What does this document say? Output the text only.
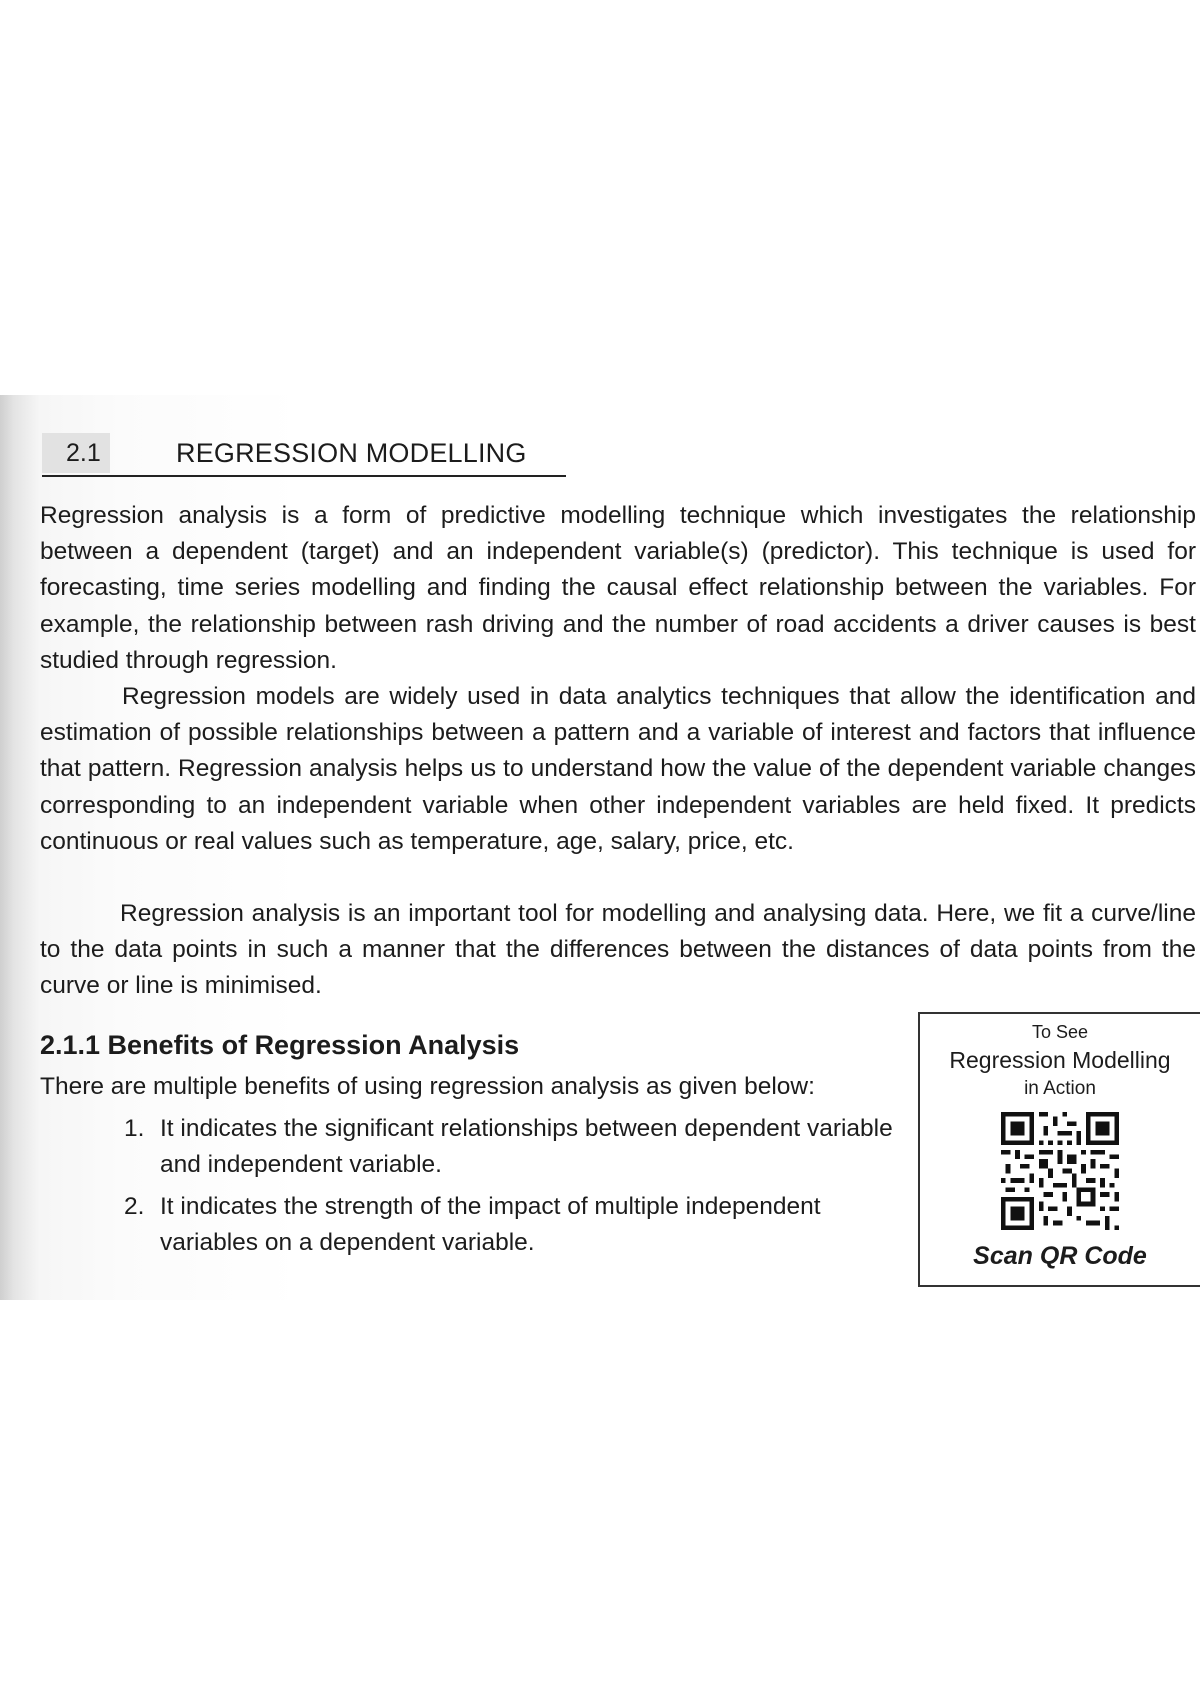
2.1	REGRESSION MODELLING

Regression analysis is a form of predictive modelling technique which investigates the relationship between a dependent (target) and an independent variable(s) (predictor). This technique is used for forecasting, time series modelling and finding the causal effect relationship between the variables. For example, the relationship between rash driving and the number of road accidents a driver causes is best studied through regression.

Regression models are widely used in data analytics techniques that allow the identification and estimation of possible relationships between a pattern and a variable of interest and factors that influence that pattern. Regression analysis helps us to understand how the value of the dependent variable changes corresponding to an independent variable when other independent variables are held fixed. It predicts continuous or real values such as temperature, age, salary, price, etc.

Regression analysis is an important tool for modelling and analysing data. Here, we fit a curve/line to the data points in such a manner that the differences between the distances of data points from the curve or line is minimised.

2.1.1 Benefits of Regression Analysis
There are multiple benefits of using regression analysis as given below:
1. It indicates the significant relationships between dependent variable and independent variable.
2. It indicates the strength of the impact of multiple independent variables on a dependent variable.
To See
Regression Modelling
in Action
Scan QR Code
